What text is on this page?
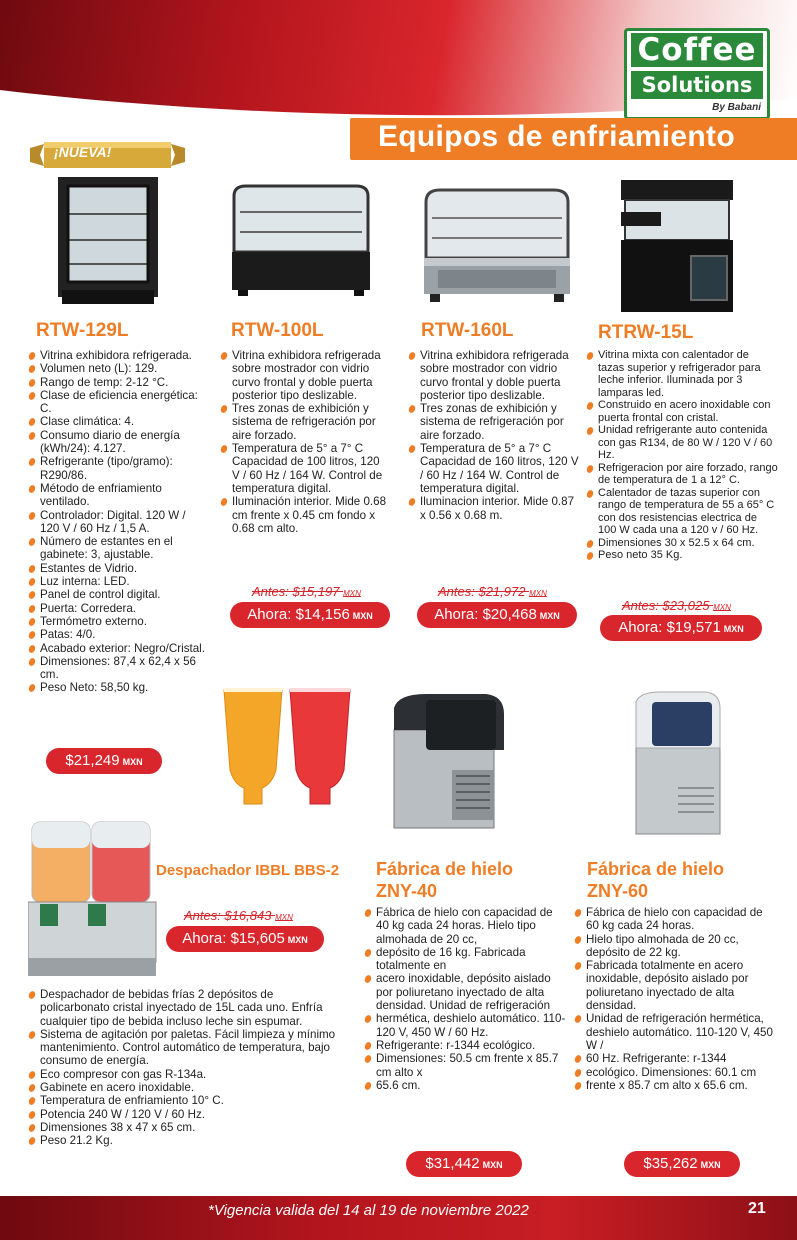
Coffee
Solutions
By Babani
Equipos de enfriamiento
¡NUEVA!
RTW-129L	RTW-100L	RTW-160L	RTRW-15L
Vitrina exhibidora refrigerada.
Volumen neto (L): 129.
Rango de temp: 2-12 °C.
Clase de eficiencia energética: C.
Clase climática: 4.
Consumo diario de energía (kWh/24): 4.127.
Refrigerante (tipo/gramo): R290/86.
Método de enfriamiento ventilado.
Controlador: Digital. 120 W / 120 V / 60 Hz / 1,5 A.
Número de estantes en el gabinete: 3, ajustable.
Estantes de Vidrio.
Luz interna: LED.
Panel de control digital.
Puerta: Corredera.
Termómetro externo.
Patas: 4/0.
Acabado exterior: Negro/Cristal.
Dimensiones: 87,4 x 62,4 x 56 cm.
Peso Neto: 58,50 kg.
$21,249 MXN
Vitrina exhibidora refrigerada sobre mostrador con vidrio curvo frontal y doble puerta posterior tipo deslizable.
Tres zonas de exhibición y sistema de refrigeración por aire forzado.
Temperatura de 5° a 7° C Capacidad de 100 litros, 120 V / 60 Hz / 164 W. Control de temperatura digital.
Iluminación interior. Mide 0.68 cm frente x 0.45 cm fondo x 0.68 cm alto.
Antes: $15,197 MXN
Ahora: $14,156 MXN
Vitrina exhibidora refrigerada sobre mostrador con vidrio curvo frontal y doble puerta posterior tipo deslizable.
Tres zonas de exhibición y sistema de refrigeración por aire forzado.
Temperatura de 5° a 7° C Capacidad de 160 litros, 120 V / 60 Hz / 164 W. Control de temperatura digital.
Iluminacion interior. Mide 0.87 x 0.56 x 0.68 m.
Antes: $21,972 MXN
Ahora: $20,468 MXN
Vitrina mixta con calentador de tazas superior y refrigerador para leche inferior. Iluminada por 3 lamparas led.
Construido en acero inoxidable con puerta frontal con cristal.
Unidad refrigerante auto contenida con gas R134, de 80 W / 120 V / 60 Hz.
Refrigeracion por aire forzado, rango de temperatura de 1 a 12° C.
Calentador de tazas superior con rango de temperatura de 55 a 65° C con dos resistencias electrica de 100 W cada una a 120 v / 60 Hz.
Dimensiones 30 x 52.5 x 64 cm.
Peso neto 35 Kg.
Antes: $23,025 MXN
Ahora: $19,571 MXN
Despachador IBBL BBS-2
Antes: $16,843 MXN
Ahora: $15,605 MXN
Despachador de bebidas frías 2 depósitos de policarbonato cristal inyectado de 15L cada uno. Enfría cualquier tipo de bebida incluso leche sin espumar.
Sistema de agitación por paletas. Fácil limpieza y mínimo mantenimiento. Control automático de temperatura, bajo consumo de energía.
Eco compresor con gas R-134a.
Gabinete en acero inoxidable.
Temperatura de enfriamiento 10° C.
Potencia 240 W / 120 V / 60 Hz.
Dimensiones 38 x 47 x 65 cm.
Peso 21.2 Kg.
Fábrica de hielo
ZNY-40
Fábrica de hielo con capacidad de 40 kg cada 24 horas. Hielo tipo almohada de 20 cc,
depósito de 16 kg. Fabricada totalmente en
acero inoxidable, depósito aislado por poliuretano inyectado de alta densidad. Unidad de refrigeración
hermética, deshielo automático. 110-120 V, 450 W / 60 Hz.
Refrigerante: r-1344 ecológico.
Dimensiones: 50.5 cm frente x 85.7 cm alto x
65.6 cm.
$31,442 MXN
Fábrica de hielo
ZNY-60
Fábrica de hielo con capacidad de 60 kg cada 24 horas.
Hielo tipo almohada de 20 cc, depósito de 22 kg.
Fabricada totalmente en acero inoxidable, depósito aislado por poliuretano inyectado de alta densidad.
Unidad de refrigeración hermética, deshielo automático. 110-120 V, 450 W /
60 Hz. Refrigerante: r-1344
ecológico. Dimensiones: 60.1 cm
frente x 85.7 cm alto x 65.6 cm.
$35,262 MXN
*Vigencia valida del 14 al 19 de noviembre 2022	21
